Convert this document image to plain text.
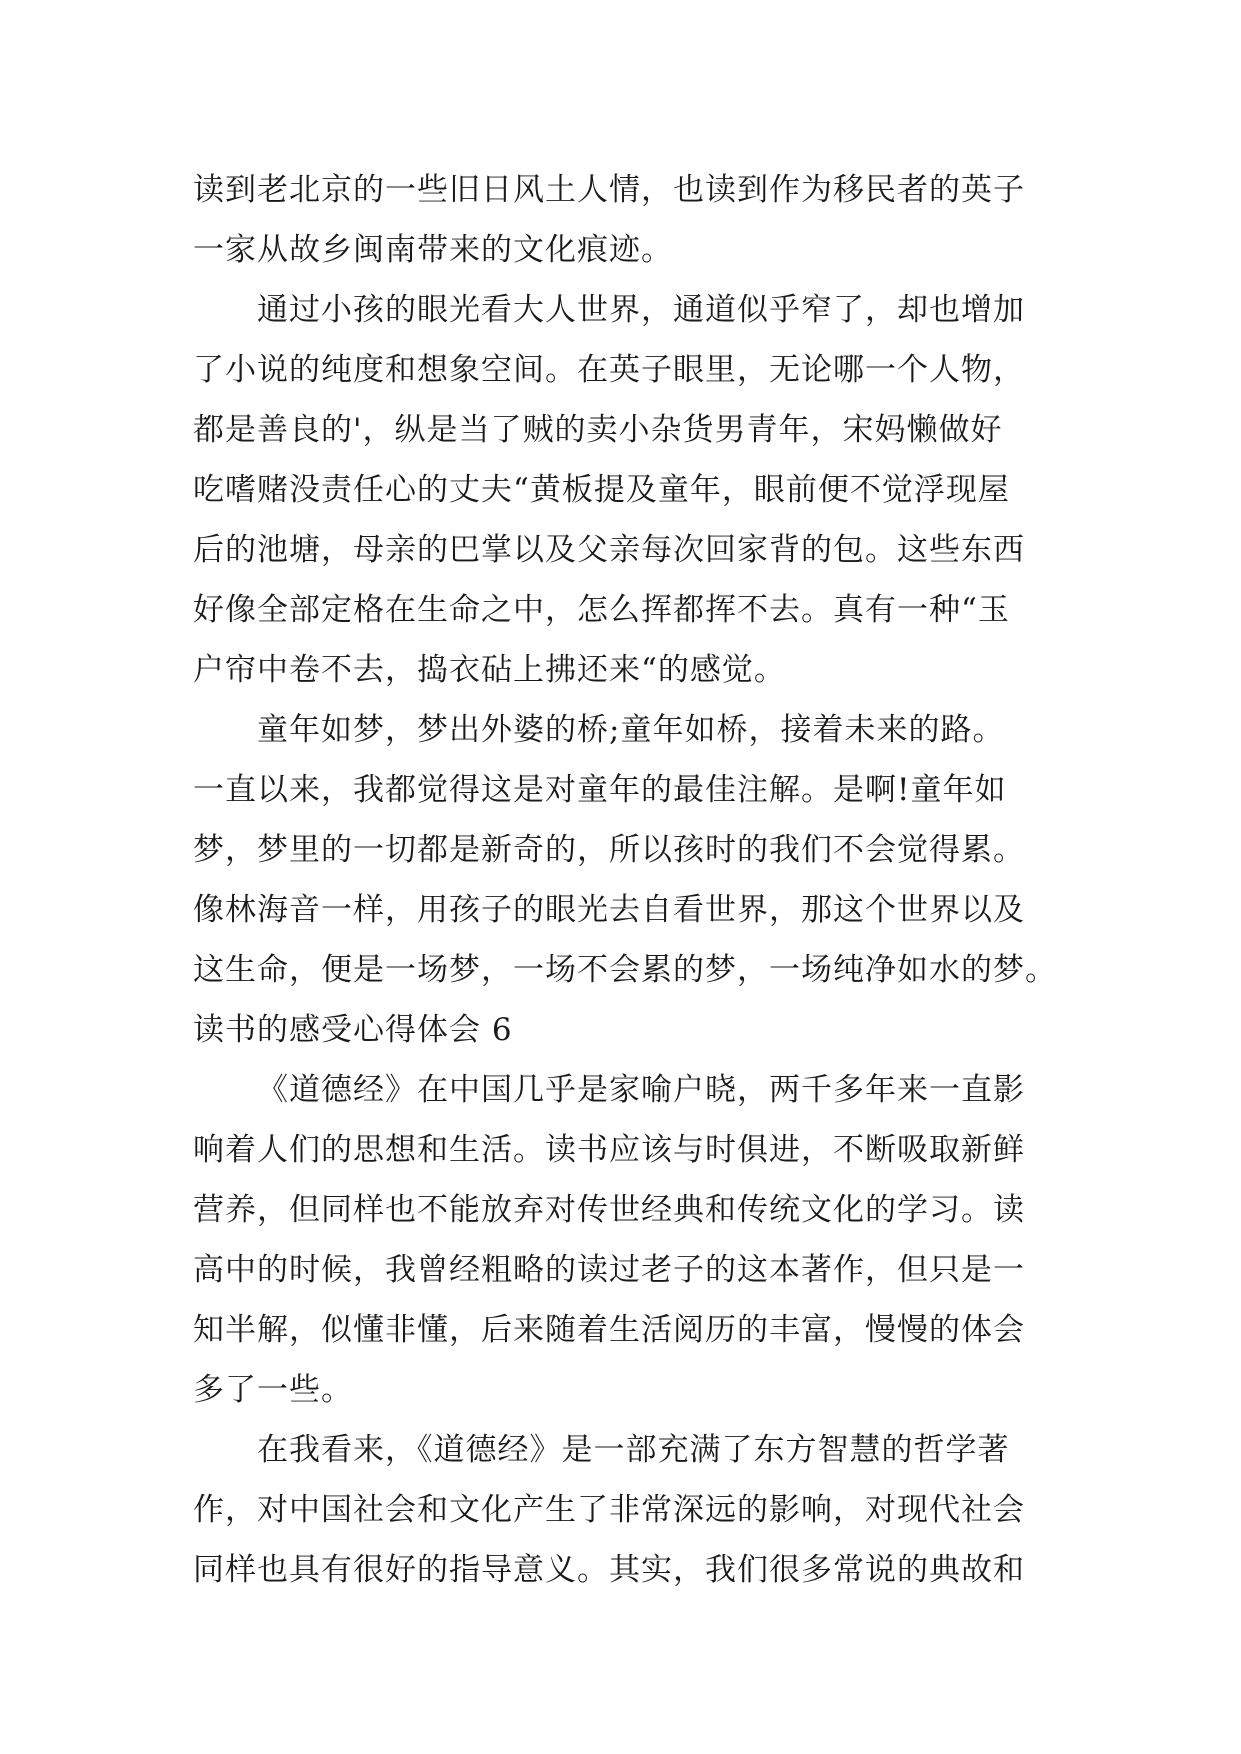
读到老北京的一些旧日风土人情，也读到作为移民者的英子
一家从故乡闽南带来的文化痕迹。
通过小孩的眼光看大人世界，通道似乎窄了，却也增加
了小说的纯度和想象空间。在英子眼里，无论哪一个人物，
都是善良的'，纵是当了贼的卖小杂货男青年，宋妈懒做好
吃嗜赌没责任心的丈夫“黄板提及童年，眼前便不觉浮现屋
后的池塘，母亲的巴掌以及父亲每次回家背的包。这些东西
好像全部定格在生命之中，怎么挥都挥不去。真有一种“玉
户帘中卷不去，捣衣砧上拂还来“的感觉。
童年如梦，梦出外婆的桥;童年如桥，接着未来的路。
一直以来，我都觉得这是对童年的最佳注解。是啊!童年如
梦，梦里的一切都是新奇的，所以孩时的我们不会觉得累。
像林海音一样，用孩子的眼光去自看世界，那这个世界以及
这生命，便是一场梦，一场不会累的梦，一场纯净如水的梦。
读书的感受心得体会 6
《道德经》在中国几乎是家喻户晓，两千多年来一直影
响着人们的思想和生活。读书应该与时俱进，不断吸取新鲜
营养，但同样也不能放弃对传世经典和传统文化的学习。读
高中的时候，我曾经粗略的读过老子的这本著作，但只是一
知半解，似懂非懂，后来随着生活阅历的丰富，慢慢的体会
多了一些。
在我看来，《道德经》是一部充满了东方智慧的哲学著
作，对中国社会和文化产生了非常深远的影响，对现代社会
同样也具有很好的指导意义。其实，我们很多常说的典故和
